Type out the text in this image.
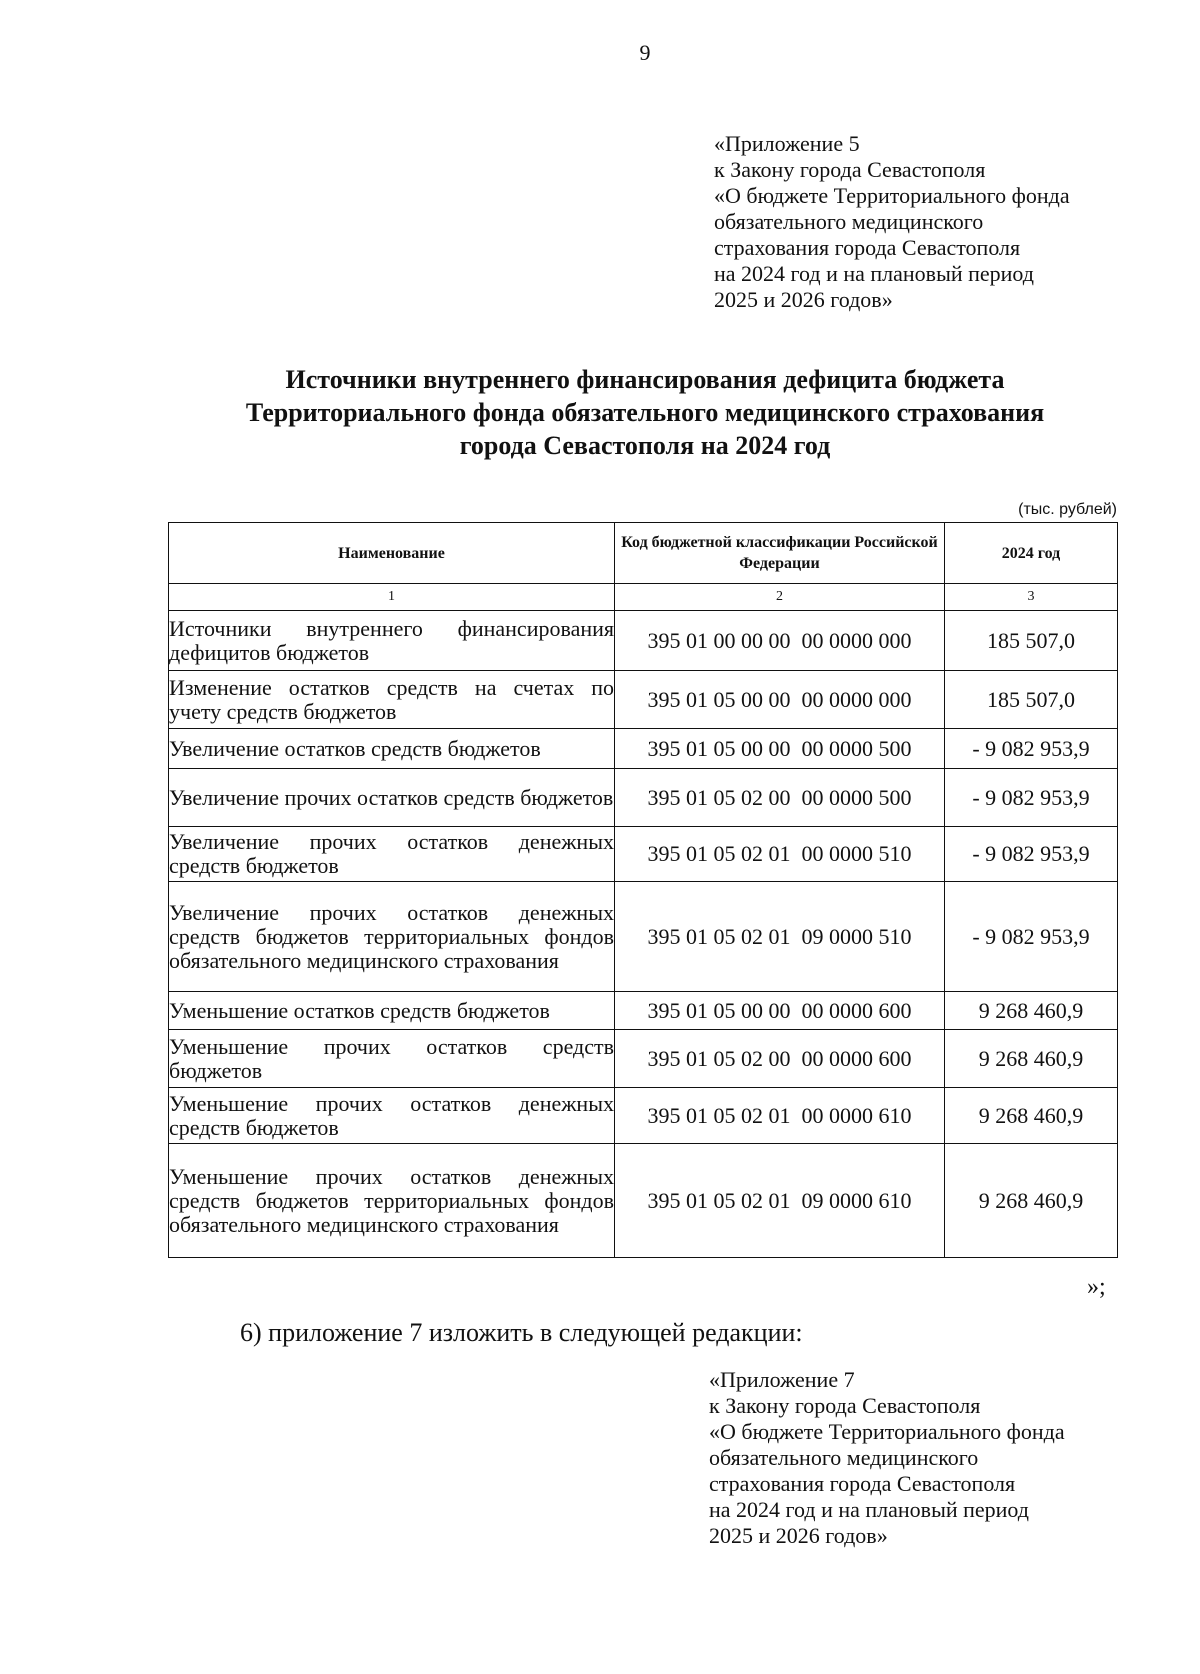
9
«Приложение 5
к Закону города Севастополя
«О бюджете Территориального фонда
обязательного медицинского
страхования города Севастополя
на 2024 год и на плановый период
2025 и 2026 годов»
Источники внутреннего финансирования дефицита бюджета
Территориального фонда обязательного медицинского страхования
города Севастополя на 2024 год
(тыс. рублей)
Наименование	Код бюджетной классификации Российской Федерации	2024 год
1	2	3
Источники внутреннего финансирования дефицитов бюджетов	395 01 00 00 00  00 0000 000	185 507,0
Изменение остатков средств на счетах по учету средств бюджетов	395 01 05 00 00  00 0000 000	185 507,0
Увеличение остатков средств бюджетов	395 01 05 00 00  00 0000 500	- 9 082 953,9
Увеличение прочих остатков средств бюджетов	395 01 05 02 00  00 0000 500	- 9 082 953,9
Увеличение прочих остатков денежных средств бюджетов	395 01 05 02 01  00 0000 510	- 9 082 953,9
Увеличение прочих остатков денежных средств бюджетов территориальных фондов обязательного медицинского страхования	395 01 05 02 01  09 0000 510	- 9 082 953,9
Уменьшение остатков средств бюджетов	395 01 05 00 00  00 0000 600	9 268 460,9
Уменьшение прочих остатков средств бюджетов	395 01 05 02 00  00 0000 600	9 268 460,9
Уменьшение прочих остатков денежных средств бюджетов	395 01 05 02 01  00 0000 610	9 268 460,9
Уменьшение прочих остатков денежных средств бюджетов территориальных фондов обязательного медицинского страхования	395 01 05 02 01  09 0000 610	9 268 460,9
»;
6) приложение 7 изложить в следующей редакции:
«Приложение 7
к Закону города Севастополя
«О бюджете Территориального фонда
обязательного медицинского
страхования города Севастополя
на 2024 год и на плановый период
2025 и 2026 годов»
